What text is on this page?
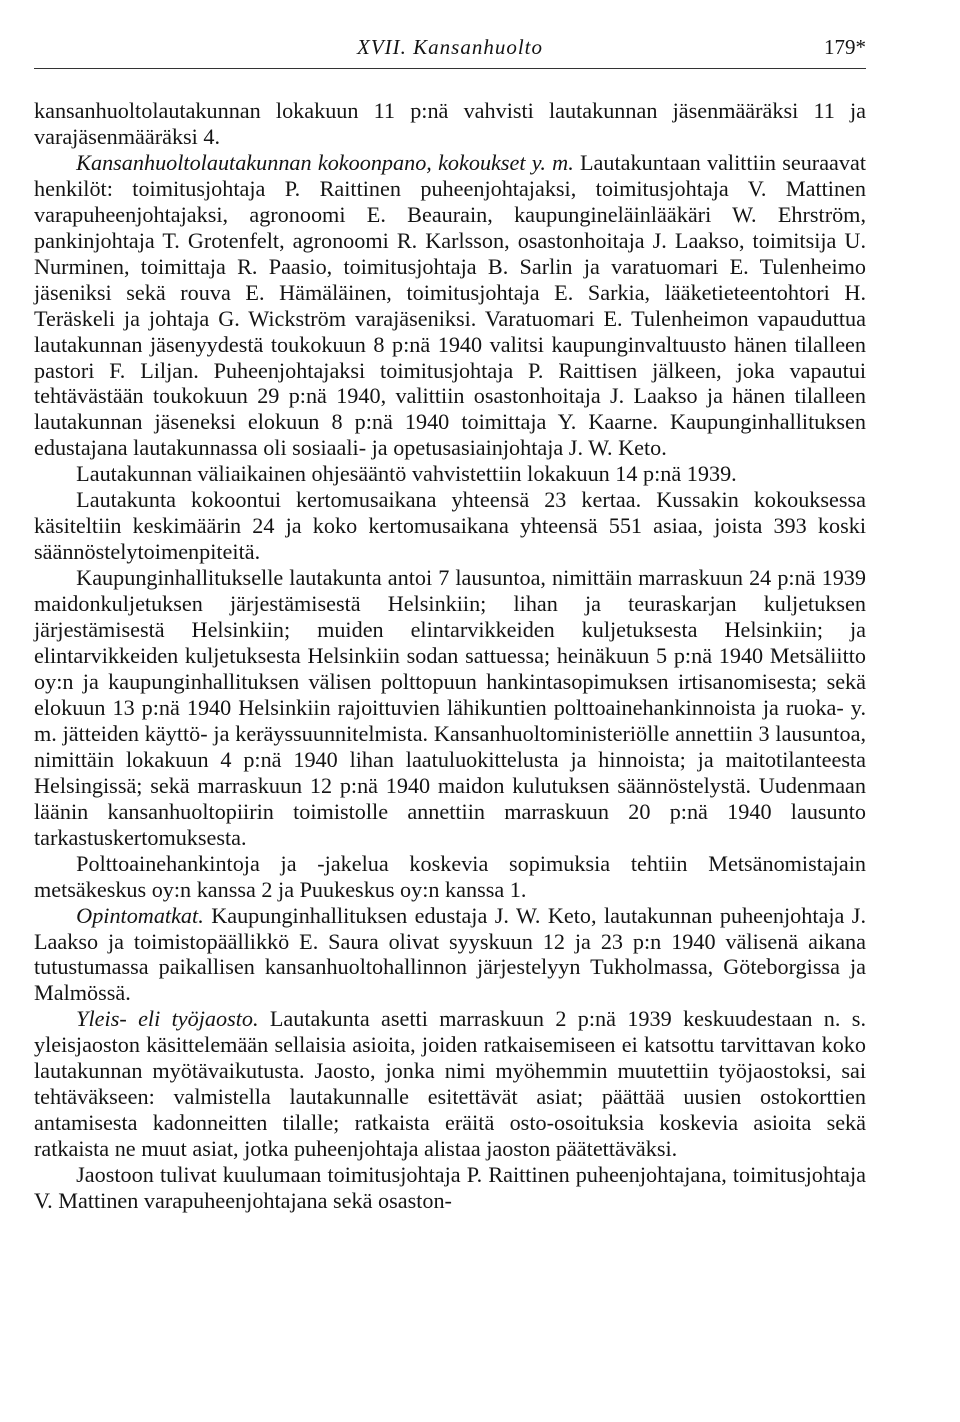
XVII. Kansanhuolto	179*

kansanhuoltolautakunnan lokakuun 11 p:nä vahvisti lautakunnan jäsenmääräksi 11 ja varajäsenmääräksi 4.

Kansanhuoltolautakunnan kokoonpano, kokoukset y. m. Lautakuntaan valittiin seuraavat henkilöt: toimitusjohtaja P. Raittinen puheenjohtajaksi, toimitusjohtaja V. Mattinen varapuheenjohtajaksi, agronoomi E. Beaurain, kaupungineläinlääkäri W. Ehrström, pankinjohtaja T. Grotenfelt, agronoomi R. Karlsson, osastonhoitaja J. Laakso, toimitsija U. Nurminen, toimittaja R. Paasio, toimitusjohtaja B. Sarlin ja varatuomari E. Tulenheimo jäseniksi sekä rouva E. Hämäläinen, toimitusjohtaja E. Sarkia, lääketieteentohtori H. Teräskeli ja johtaja G. Wickström varajäseniksi. Varatuomari E. Tulenheimon vapauduttua lautakunnan jäsenyydestä toukokuun 8 p:nä 1940 valitsi kaupunginvaltuusto hänen tilalleen pastori F. Liljan. Puheenjohtajaksi toimitusjohtaja P. Raittisen jälkeen, joka vapautui tehtävästään toukokuun 29 p:nä 1940, valittiin osastonhoitaja J. Laakso ja hänen tilalleen lautakunnan jäseneksi elokuun 8 p:nä 1940 toimittaja Y. Kaarne. Kaupunginhallituksen edustajana lautakunnassa oli sosiaali- ja opetusasiainjohtaja J. W. Keto.

Lautakunnan väliaikainen ohjesääntö vahvistettiin lokakuun 14 p:nä 1939.

Lautakunta kokoontui kertomusaikana yhteensä 23 kertaa. Kussakin kokouksessa käsiteltiin keskimäärin 24 ja koko kertomusaikana yhteensä 551 asiaa, joista 393 koski säännöstelytoimenpiteitä.

Kaupunginhallitukselle lautakunta antoi 7 lausuntoa, nimittäin marraskuun 24 p:nä 1939 maidonkuljetuksen järjestämisestä Helsinkiin; lihan ja teuraskarjan kuljetuksen järjestämisestä Helsinkiin; muiden elintarvikkeiden kuljetuksesta Helsinkiin; ja elintarvikkeiden kuljetuksesta Helsinkiin sodan sattuessa; heinäkuun 5 p:nä 1940 Metsäliitto oy:n ja kaupunginhallituksen välisen polttopuun hankintasopimuksen irtisanomisesta; sekä elokuun 13 p:nä 1940 Helsinkiin rajoittuvien lähikuntien polttoainehankinnoista ja ruoka- y. m. jätteiden käyttö- ja keräyssuunnitelmista. Kansanhuoltoministeriölle annettiin 3 lausuntoa, nimittäin lokakuun 4 p:nä 1940 lihan laatuluokittelusta ja hinnoista; ja maitotilanteesta Helsingissä; sekä marraskuun 12 p:nä 1940 maidon kulutuksen säännöstelystä. Uudenmaan läänin kansanhuoltopiirin toimistolle annettiin marraskuun 20 p:nä 1940 lausunto tarkastuskertomuksesta.

Polttoainehankintoja ja -jakelua koskevia sopimuksia tehtiin Metsänomistajain metsäkeskus oy:n kanssa 2 ja Puukeskus oy:n kanssa 1.

Opintomatkat. Kaupunginhallituksen edustaja J. W. Keto, lautakunnan puheenjohtaja J. Laakso ja toimistopäällikkö E. Saura olivat syyskuun 12 ja 23 p:n 1940 välisenä aikana tutustumassa paikallisen kansanhuoltohallinnon järjestelyyn Tukholmassa, Göteborgissa ja Malmössä.

Yleis- eli työjaosto. Lautakunta asetti marraskuun 2 p:nä 1939 keskuudestaan n. s. yleisjaoston käsittelemään sellaisia asioita, joiden ratkaisemiseen ei katsottu tarvittavan koko lautakunnan myötävaikutusta. Jaosto, jonka nimi myöhemmin muutettiin työjaostoksi, sai tehtäväkseen: valmistella lautakunnalle esitettävät asiat; päättää uusien ostokorttien antamisesta kadonneitten tilalle; ratkaista eräitä osto-osoituksia koskevia asioita sekä ratkaista ne muut asiat, jotka puheenjohtaja alistaa jaoston päätettäväksi.

Jaostoon tulivat kuulumaan toimitusjohtaja P. Raittinen puheenjohtajana, toimitusjohtaja V. Mattinen varapuheenjohtajana sekä osaston-
